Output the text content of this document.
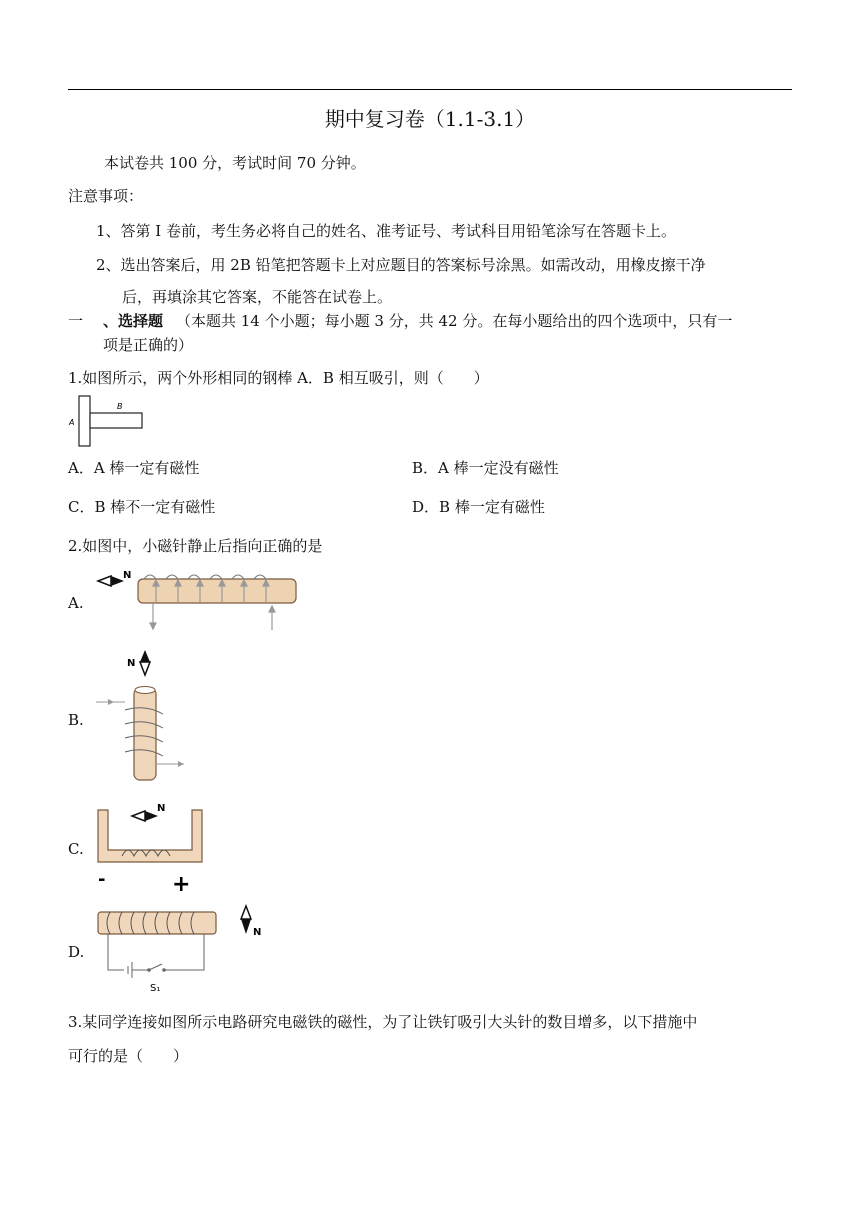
期中复习卷（1.1-3.1）
本试卷共 100 分，考试时间 70 分钟。
注意事项：
1、答第 I 卷前，考生务必将自己的姓名、准考证号、考试科目用铅笔涂写在答题卡上。
2、选出答案后，用 2B 铅笔把答题卡上对应题目的答案标号涂黑。如需改动，用橡皮擦干净
后，再填涂其它答案，不能答在试卷上。
一 、选择题 （本题共 14 个小题；每小题 3 分，共 42 分。在每小题给出的四个选项中，只有一
项是正确的）
1.如图所示，两个外形相同的钢棒 A．B 相互吸引，则（　　）
A
B
A．A 棒一定有磁性	B．A 棒一定没有磁性
C．B 棒不一定有磁性	D．B 棒一定有磁性
2.如图中，小磁针静止后指向正确的是
A.
N
B.
N
C.
N
-	+
D.
N
S₁
3.某同学连接如图所示电路研究电磁铁的磁性，为了让铁钉吸引大头针的数目增多，以下措施中
可行的是（　　）
